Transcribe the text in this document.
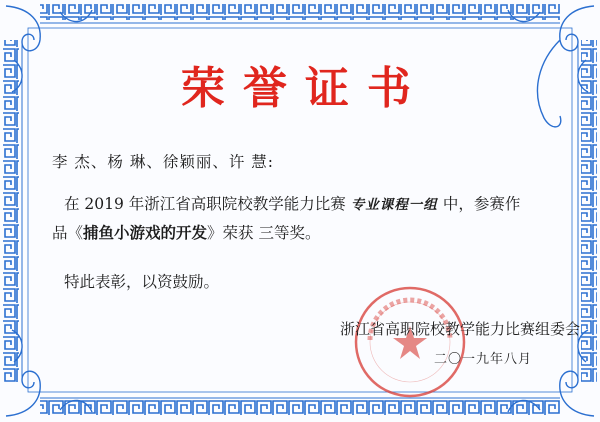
荣誉证书
李 杰、杨 琳、徐颖丽、许 慧:
在 2019 年浙江省高职院校教学能力比赛 专业课程一组 中，参赛作品《捕鱼小游戏的开发》荣获 三等奖。
特此表彰，以资鼓励。
浙江省高职院校教学能力比赛组委会
二〇一九年八月
